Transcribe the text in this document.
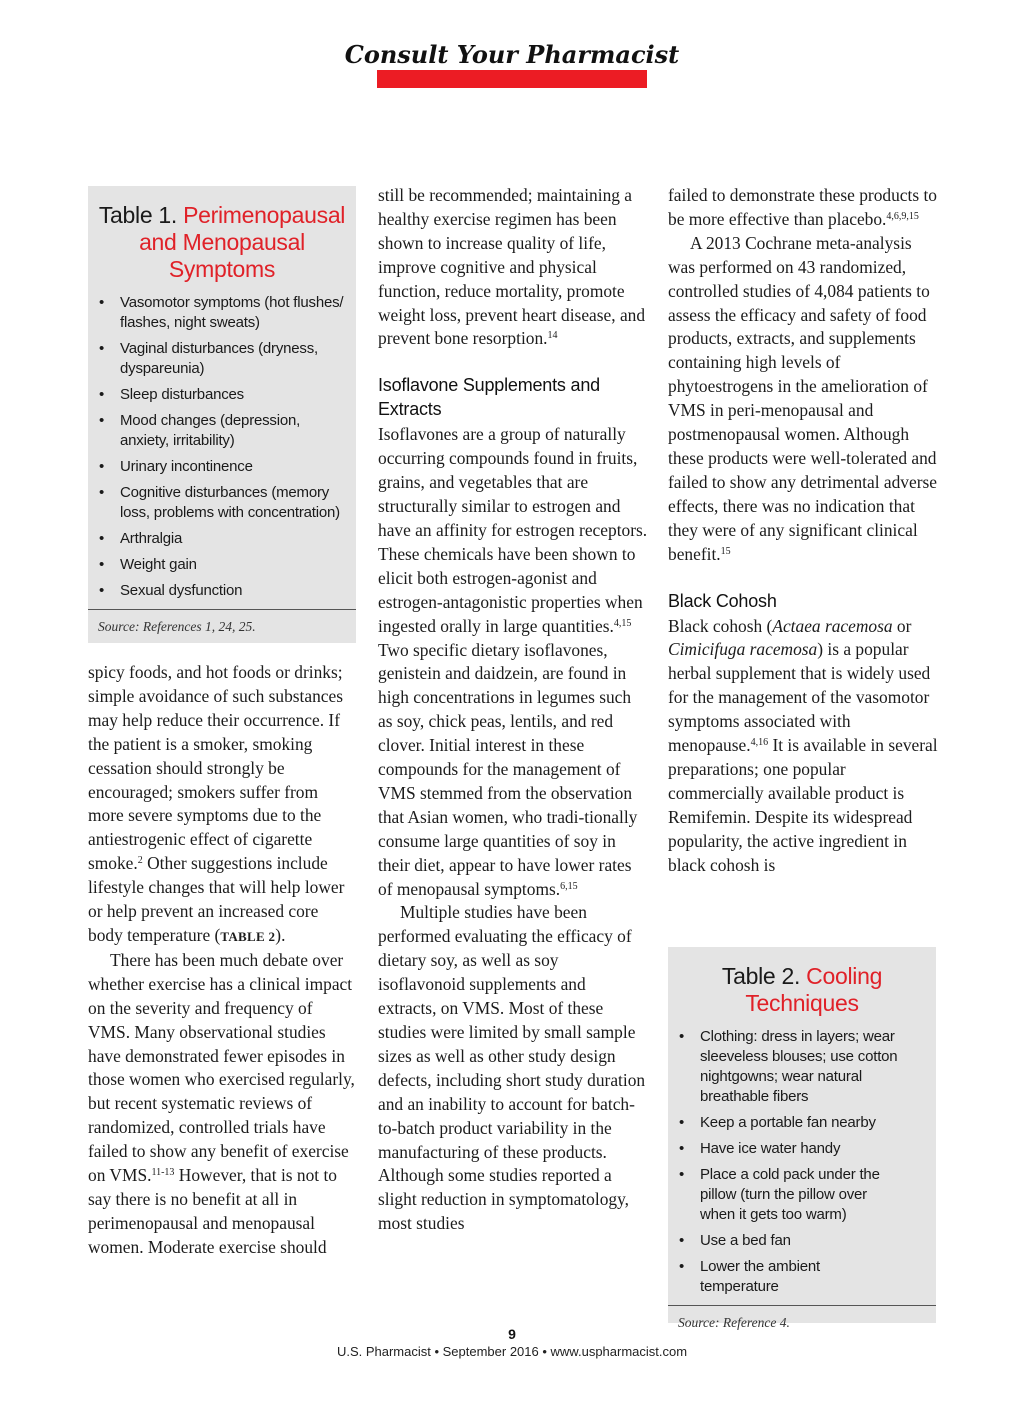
Consult Your Pharmacist
Table 1. Perimenopausal and Menopausal Symptoms
• Vasomotor symptoms (hot flushes/ flashes, night sweats)
• Vaginal disturbances (dryness, dyspareunia)
• Sleep disturbances
• Mood changes (depression, anxiety, irritability)
• Urinary incontinence
• Cognitive disturbances (memory loss, problems with concentration)
• Arthralgia
• Weight gain
• Sexual dysfunction
Source: References 1, 24, 25.

spicy foods, and hot foods or drinks; simple avoidance of such substances may help reduce their occurrence. If the patient is a smoker, smoking cessation should strongly be encouraged; smokers suffer from more severe symptoms due to the antiestrogenic effect of cigarette smoke.$^2$ Other suggestions include lifestyle changes that will help lower or help prevent an increased core body temperature (TABLE 2).

There has been much debate over whether exercise has a clinical impact on the severity and frequency of VMS. Many observational studies have demonstrated fewer episodes in those women who exercised regularly, but recent systematic reviews of randomized, controlled trials have failed to show any benefit of exercise on VMS.$^{11-13}$ However, that is not to say there is no benefit at all in perimenopausal and menopausal women. Moderate exercise should

still be recommended; maintaining a healthy exercise regimen has been shown to increase quality of life, improve cognitive and physical function, reduce mortality, promote weight loss, prevent heart disease, and prevent bone resorption.$^{14}$

Isoflavone Supplements and Extracts

Isoflavones are a group of naturally occurring compounds found in fruits, grains, and vegetables that are structurally similar to estrogen and have an affinity for estrogen receptors. These chemicals have been shown to elicit both estrogen-agonist and estrogen-antagonistic properties when ingested orally in large quantities.$^{4,15}$ Two specific dietary isoflavones, genistein and daidzein, are found in high concentrations in legumes such as soy, chick peas, lentils, and red clover. Initial interest in these compounds for the management of VMS stemmed from the observation that Asian women, who tradi-tionally consume large quantities of soy in their diet, appear to have lower rates of menopausal symptoms.$^{6,15}$

Multiple studies have been performed evaluating the efficacy of dietary soy, as well as soy isoflavonoid supplements and extracts, on VMS. Most of these studies were limited by small sample sizes as well as other study design defects, including short study duration and an inability to account for batch-to-batch product variability in the manufacturing of these products. Although some studies reported a slight reduction in symptomatology, most studies

failed to demonstrate these products to be more effective than placebo.$^{4,6,9,15}$

A 2013 Cochrane meta-analysis was performed on 43 randomized, controlled studies of 4,084 patients to assess the efficacy and safety of food products, extracts, and supplements containing high levels of phytoestrogens in the amelioration of VMS in peri-menopausal and postmenopausal women. Although these products were well-tolerated and failed to show any detrimental adverse effects, there was no indication that they were of any significant clinical benefit.$^{15}$

Black Cohosh

Black cohosh (Actaea racemosa or Cimicifuga racemosa) is a popular herbal supplement that is widely used for the management of the vasomotor symptoms associated with menopause.$^{4,16}$ It is available in several preparations; one popular commercially available product is Remifemin. Despite its widespread popularity, the active ingredient in black cohosh is

Table 2. Cooling Techniques
• Clothing: dress in layers; wear sleeveless blouses; use cotton nightgowns; wear natural breathable fibers
• Keep a portable fan nearby
• Have ice water handy
• Place a cold pack under the pillow (turn the pillow over when it gets too warm)
• Use a bed fan
• Lower the ambient temperature
Source: Reference 4.
9
U.S. Pharmacist • September 2016 • www.uspharmacist.com
